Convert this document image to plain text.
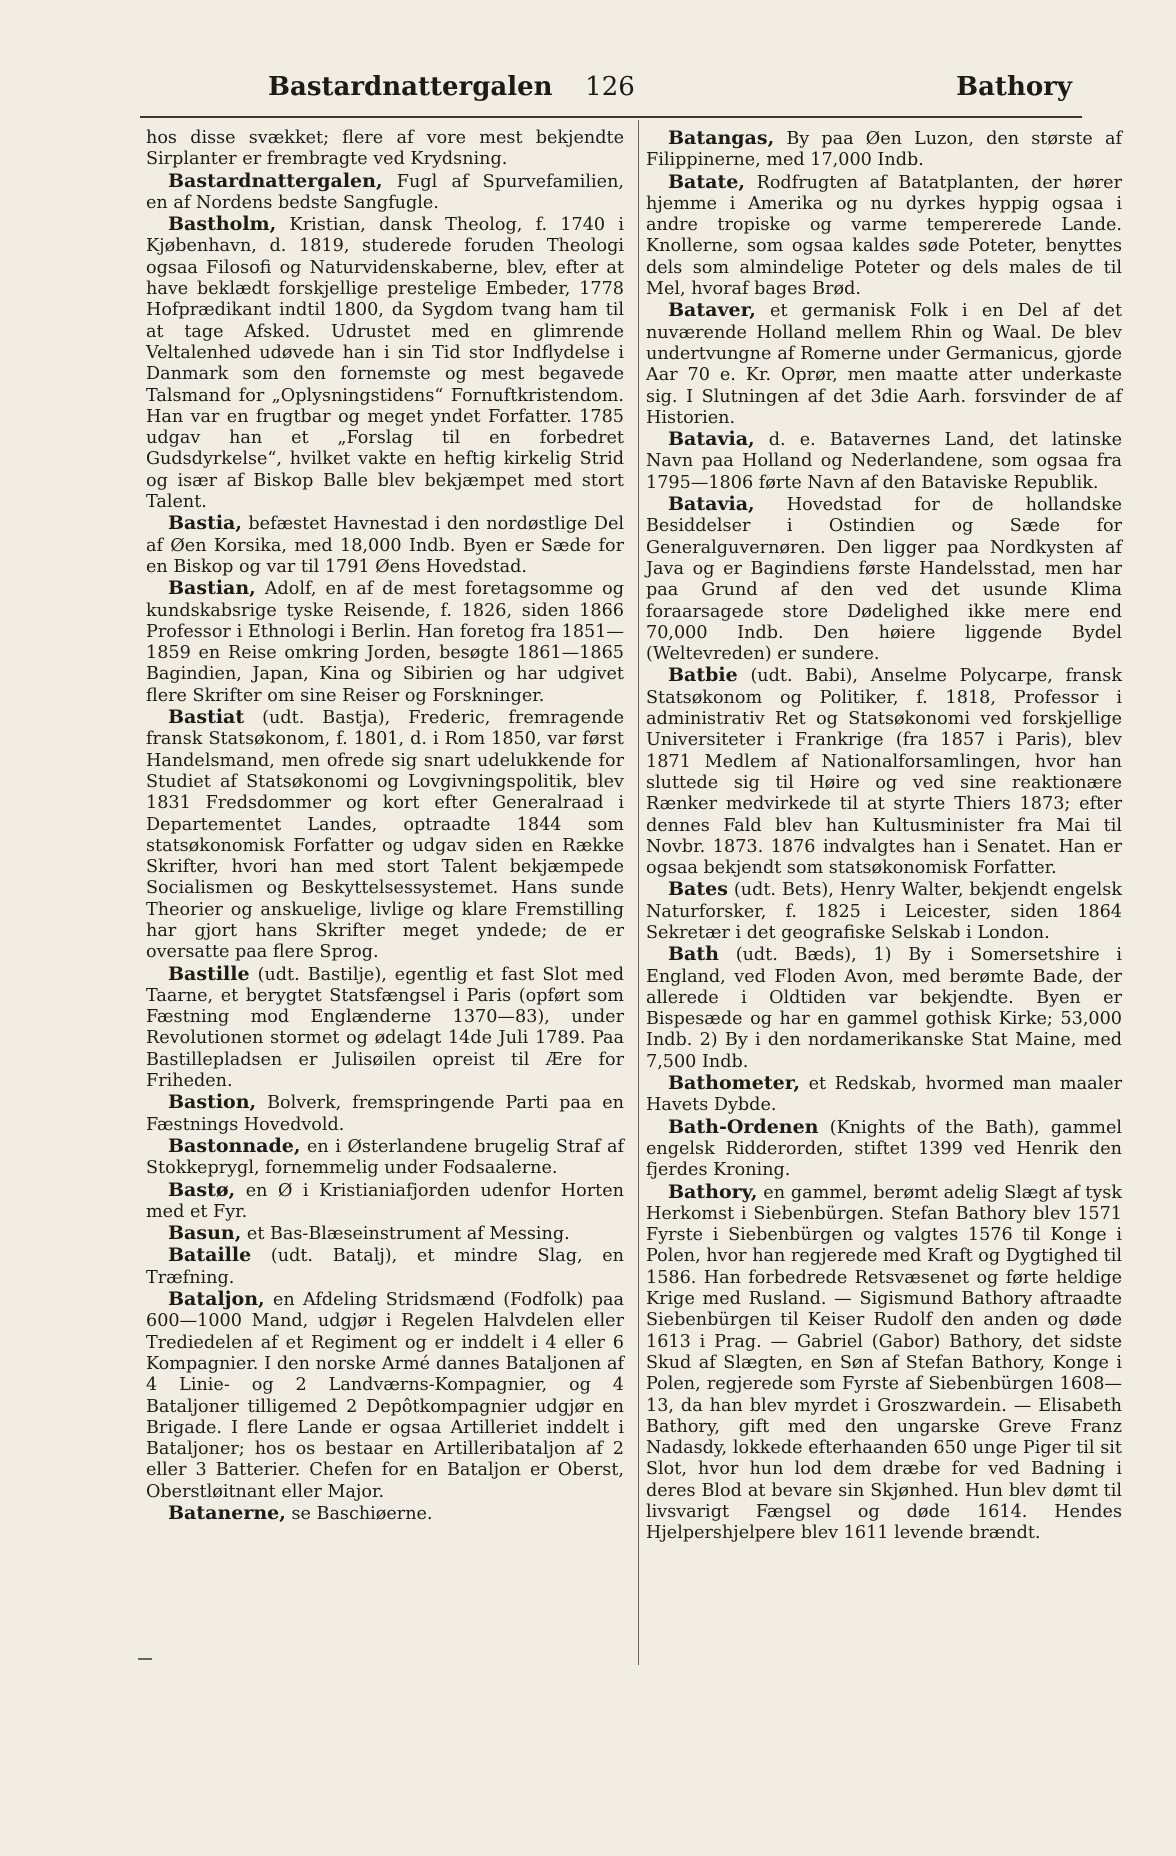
Bastardnattergalen 126	Bathory

hos disse svækket; flere af vore mest bekjendte Sirplanter er frembragte ved Krydsning.

Bastardnattergalen, Fugl af Spurvefamilien, en af Nordens bedste Sangfugle.

Bastholm, Kristian, dansk Theolog, f. 1740 i Kjøbenhavn, d. 1819, studerede foruden Theologi ogsaa Filosofi og Naturvidenskaberne, blev, efter at have beklædt forskjellige prestelige Embeder, 1778 Hofprædikant indtil 1800, da Sygdom tvang ham til at tage Afsked. Udrustet med en glimrende Veltalenhed udøvede han i sin Tid stor Indflydelse i Danmark som den fornemste og mest begavede Talsmand for „Oplysningstidens“ Fornuftkristendom. Han var en frugtbar og meget yndet Forfatter. 1785 udgav han et „Forslag til en forbedret Gudsdyrkelse“, hvilket vakte en heftig kirkelig Strid og især af Biskop Balle blev bekjæmpet med stort Talent.

Bastia, befæstet Havnestad i den nordøstlige Del af Øen Korsika, med 18,000 Indb. Byen er Sæde for en Biskop og var til 1791 Øens Hovedstad.

Bastian, Adolf, en af de mest foretagsomme og kundskabsrige tyske Reisende, f. 1826, siden 1866 Professor i Ethnologi i Berlin. Han foretog fra 1851—1859 en Reise omkring Jorden, besøgte 1861—1865 Bagindien, Japan, Kina og Sibirien og har udgivet flere Skrifter om sine Reiser og Forskninger.

Bastiat (udt. Bastja), Frederic, fremragende fransk Statsøkonom, f. 1801, d. i Rom 1850, var først Handelsmand, men ofrede sig snart udelukkende for Studiet af Statsøkonomi og Lovgivningspolitik, blev 1831 Fredsdommer og kort efter Generalraad i Departementet Landes, optraadte 1844 som statsøkonomisk Forfatter og udgav siden en Række Skrifter, hvori han med stort Talent bekjæmpede Socialismen og Beskyttelsessystemet. Hans sunde Theorier og anskuelige, livlige og klare Fremstilling har gjort hans Skrifter meget yndede; de er oversatte paa flere Sprog.

Bastille (udt. Bastilje), egentlig et fast Slot med Taarne, et berygtet Statsfængsel i Paris (opført som Fæstning mod Englænderne 1370—83), under Revolutionen stormet og ødelagt 14de Juli 1789. Paa Bastillepladsen er Julisøilen opreist til Ære for Friheden.

Bastion, Bolverk, fremspringende Parti paa en Fæstnings Hovedvold.

Bastonnade, en i Østerlandene brugelig Straf af Stokkeprygl, fornemmelig under Fodsaalerne.

Bastø, en Ø i Kristianiafjorden udenfor Horten med et Fyr.

Basun, et Bas-Blæseinstrument af Messing.

Bataille (udt. Batalj), et mindre Slag, en Træfning.

Bataljon, en Afdeling Stridsmænd (Fodfolk) paa 600—1000 Mand, udgjør i Regelen Halvdelen eller Trediedelen af et Regiment og er inddelt i 4 eller 6 Kompagnier. I den norske Armé dannes Bataljonen af 4 Linie- og 2 Landværns-Kompagnier, og 4 Bataljoner tilligemed 2 Depôtkompagnier udgjør en Brigade. I flere Lande er ogsaa Artilleriet inddelt i Bataljoner; hos os bestaar en Artilleribataljon af 2 eller 3 Batterier. Chefen for en Bataljon er Oberst, Oberstløitnant eller Major.

Batanerne, se Baschiøerne.

Batangas, By paa Øen Luzon, den største af Filippinerne, med 17,000 Indb.

Batate, Rodfrugten af Batatplanten, der hører hjemme i Amerika og nu dyrkes hyppig ogsaa i andre tropiske og varme tempererede Lande. Knollerne, som ogsaa kaldes søde Poteter, benyttes dels som almindelige Poteter og dels males de til Mel, hvoraf bages Brød.

Bataver, et germanisk Folk i en Del af det nuværende Holland mellem Rhin og Waal. De blev undertvungne af Romerne under Germanicus, gjorde Aar 70 e. Kr. Oprør, men maatte atter underkaste sig. I Slutningen af det 3die Aarh. forsvinder de af Historien.

Batavia, d. e. Batavernes Land, det latinske Navn paa Holland og Nederlandene, som ogsaa fra 1795—1806 førte Navn af den Bataviske Republik.

Batavia, Hovedstad for de hollandske Besiddelser i Ostindien og Sæde for Generalguvernøren. Den ligger paa Nordkysten af Java og er Bagindiens første Handelsstad, men har paa Grund af den ved det usunde Klima foraarsagede store Dødelighed ikke mere end 70,000 Indb. Den høiere liggende Bydel (Weltevreden) er sundere.

Batbie (udt. Babi), Anselme Polycarpe, fransk Statsøkonom og Politiker, f. 1818, Professor i administrativ Ret og Statsøkonomi ved forskjellige Universiteter i Frankrige (fra 1857 i Paris), blev 1871 Medlem af Nationalforsamlingen, hvor han sluttede sig til Høire og ved sine reaktionære Rænker medvirkede til at styrte Thiers 1873; efter dennes Fald blev han Kultusminister fra Mai til Novbr. 1873. 1876 indvalgtes han i Senatet. Han er ogsaa bekjendt som statsøkonomisk Forfatter.

Bates (udt. Bets), Henry Walter, bekjendt engelsk Naturforsker, f. 1825 i Leicester, siden 1864 Sekretær i det geografiske Selskab i London.

Bath (udt. Bæds), 1) By i Somersetshire i England, ved Floden Avon, med berømte Bade, der allerede i Oldtiden var bekjendte. Byen er Bispesæde og har en gammel gothisk Kirke; 53,000 Indb. 2) By i den nordamerikanske Stat Maine, med 7,500 Indb.

Bathometer, et Redskab, hvormed man maaler Havets Dybde.

Bath-Ordenen (Knights of the Bath), gammel engelsk Ridderorden, stiftet 1399 ved Henrik den fjerdes Kroning.

Bathory, en gammel, berømt adelig Slægt af tysk Herkomst i Siebenbürgen. Stefan Bathory blev 1571 Fyrste i Siebenbürgen og valgtes 1576 til Konge i Polen, hvor han regjerede med Kraft og Dygtighed til 1586. Han forbedrede Retsvæsenet og førte heldige Krige med Rusland. — Sigismund Bathory aftraadte Siebenbürgen til Keiser Rudolf den anden og døde 1613 i Prag. — Gabriel (Gabor) Bathory, det sidste Skud af Slægten, en Søn af Stefan Bathory, Konge i Polen, regjerede som Fyrste af Siebenbürgen 1608—13, da han blev myrdet i Groszwardein. — Elisabeth Bathory, gift med den ungarske Greve Franz Nadasdy, lokkede efterhaanden 650 unge Piger til sit Slot, hvor hun lod dem dræbe for ved Badning i deres Blod at bevare sin Skjønhed. Hun blev dømt til livsvarigt Fængsel og døde 1614. Hendes Hjelpershjelpere blev 1611 levende brændt.
